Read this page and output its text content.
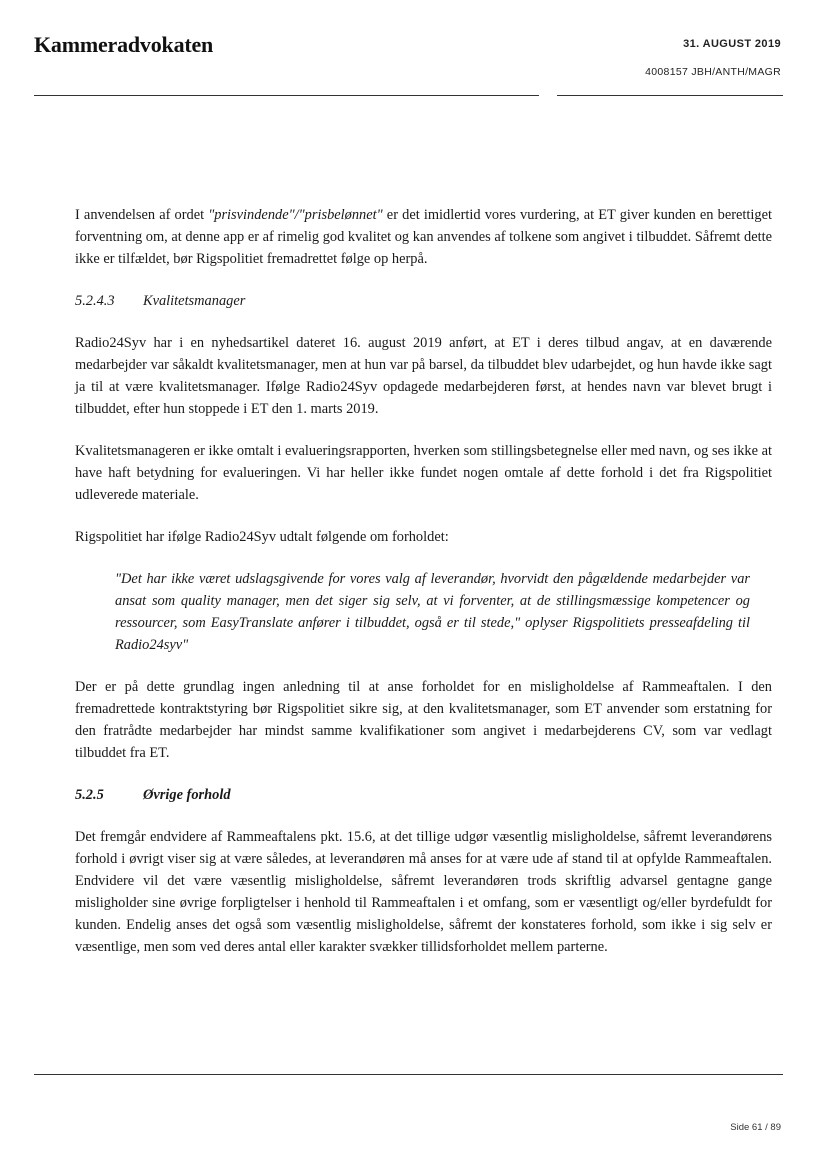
Kammeradvokaten	31. AUGUST 2019
4008157 JBH/ANTH/MAGR

I anvendelsen af ordet "prisvindende"/"prisbelønnet" er det imidlertid vores vurdering, at ET giver kunden en berettiget forventning om, at denne app er af rimelig god kvalitet og kan anvendes af tolkene som angivet i tilbuddet. Såfremt dette ikke er tilfældet, bør Rigspolitiet fremadrettet følge op herpå.

5.2.4.3	Kvalitetsmanager

Radio24Syv har i en nyhedsartikel dateret 16. august 2019 anført, at ET i deres tilbud angav, at en daværende medarbejder var såkaldt kvalitetsmanager, men at hun var på barsel, da tilbuddet blev udarbejdet, og hun havde ikke sagt ja til at være kvalitetsmanager. Ifølge Radio24Syv opdagede medarbejderen først, at hendes navn var blevet brugt i tilbuddet, efter hun stoppede i ET den 1. marts 2019.

Kvalitetsmanageren er ikke omtalt i evalueringsrapporten, hverken som stillingsbetegnelse eller med navn, og ses ikke at have haft betydning for evalueringen. Vi har heller ikke fundet nogen omtale af dette forhold i det fra Rigspolitiet udleverede materiale.

Rigspolitiet har ifølge Radio24Syv udtalt følgende om forholdet:

"Det har ikke været udslagsgivende for vores valg af leverandør, hvorvidt den pågældende medarbejder var ansat som quality manager, men det siger sig selv, at vi forventer, at de stillingsmæssige kompetencer og ressourcer, som EasyTranslate anfører i tilbuddet, også er til stede," oplyser Rigspolitiets presseafdeling til Radio24syv"

Der er på dette grundlag ingen anledning til at anse forholdet for en misligholdelse af Rammeaftalen. I den fremadrettede kontraktstyring bør Rigspolitiet sikre sig, at den kvalitetsmanager, som ET anvender som erstatning for den fratrådte medarbejder har mindst samme kvalifikationer som angivet i medarbejderens CV, som var vedlagt tilbuddet fra ET.

5.2.5	Øvrige forhold

Det fremgår endvidere af Rammeaftalens pkt. 15.6, at det tillige udgør væsentlig misligholdelse, såfremt leverandørens forhold i øvrigt viser sig at være således, at leverandøren må anses for at være ude af stand til at opfylde Rammeaftalen. Endvidere vil det være væsentlig misligholdelse, såfremt leverandøren trods skriftlig advarsel gentagne gange misligholder sine øvrige forpligtelser i henhold til Rammeaftalen i et omfang, som er væsentligt og/eller byrdefuldt for kunden. Endelig anses det også som væsentlig misligholdelse, såfremt der konstateres forhold, som ikke i sig selv er væsentlige, men som ved deres antal eller karakter svækker tillidsforholdet mellem parterne.

Side 61 / 89
